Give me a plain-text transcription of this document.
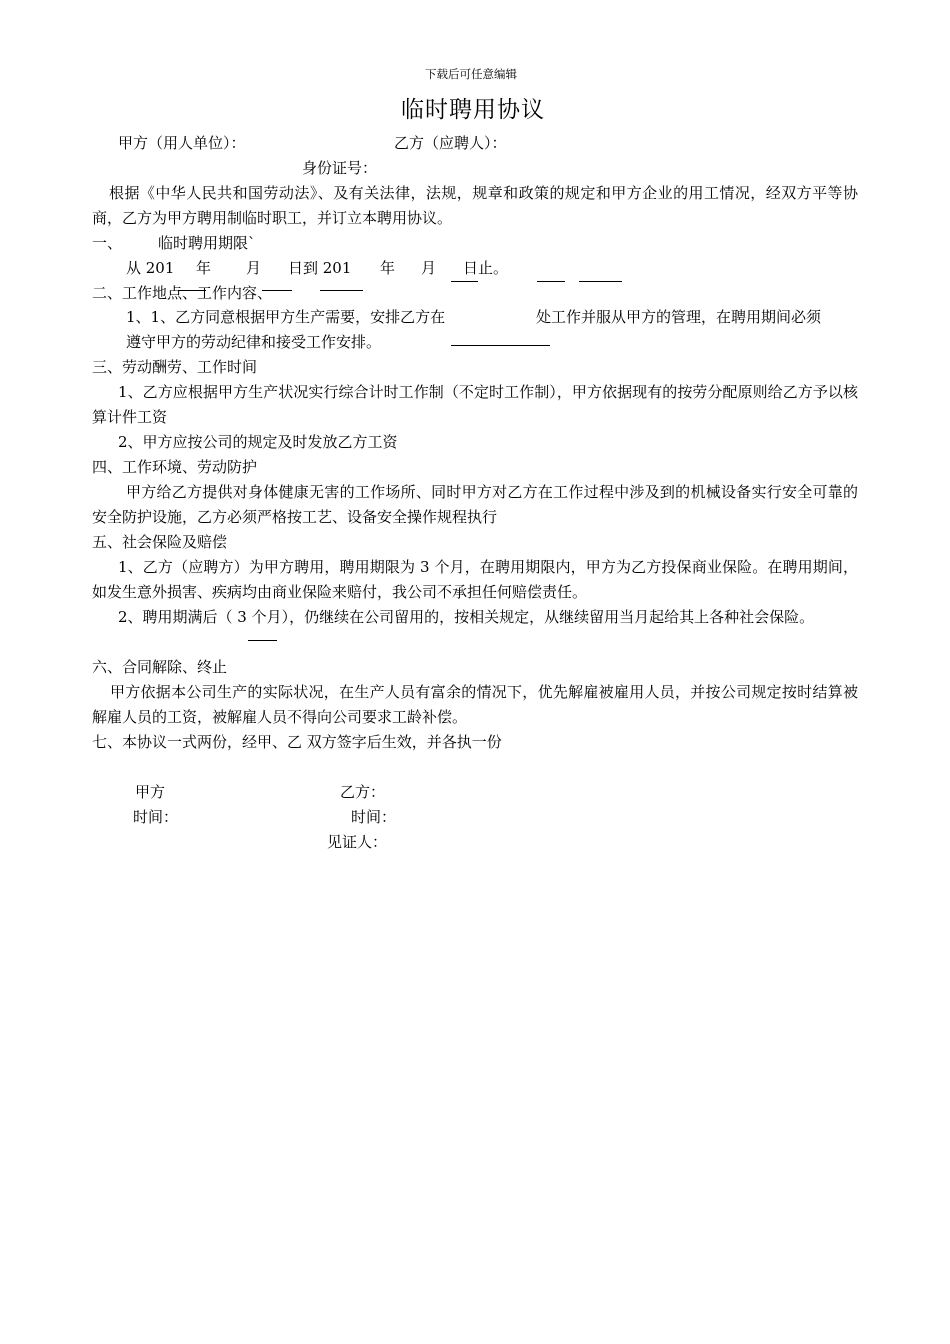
下载后可任意编辑
临时聘用协议
甲方（用人单位）：	乙方（应聘人）：
身份证号：
根据《中华人民共和国劳动法》、及有关法律，法规，规章和政策的规定和甲方企业的用工情况，经双方平等协商，乙方为甲方聘用制临时职工，并订立本聘用协议。
一、 临时聘用期限`
从 201 年 月 日到 201 年 月 日止。
二、工作地点、工作内容、
1、1、乙方同意根据甲方生产需要，安排乙方在	处工作并服从甲方的管理，在聘用期间必须
遵守甲方的劳动纪律和接受工作安排。
三、劳动酬劳、工作时间
1、乙方应根据甲方生产状况实行综合计时工作制（不定时工作制），甲方依据现有的按劳分配原则给乙方予以核算计件工资
2、甲方应按公司的规定及时发放乙方工资
四、工作环境、劳动防护
甲方给乙方提供对身体健康无害的工作场所、同时甲方对乙方在工作过程中涉及到的机械设备实行安全可靠的安全防护设施，乙方必须严格按工艺、设备安全操作规程执行
五、社会保险及赔偿
1、乙方（应聘方）为甲方聘用，聘用期限为 3 个月，在聘用期限内，甲方为乙方投保商业保险。在聘用期间，如发生意外损害、疾病均由商业保险来赔付，我公司不承担任何赔偿责任。
2、聘用期满后（ 3 个月），仍继续在公司留用的，按相关规定，从继续留用当月起给其上各种社会保险。
六、合同解除、终止
甲方依据本公司生产的实际状况，在生产人员有富余的情况下，优先解雇被雇用人员，并按公司规定按时结算被解雇人员的工资，被解雇人员不得向公司要求工龄补偿。
七、本协议一式两份，经甲、乙 双方签字后生效，并各执一份
甲方	乙方：
时间：	时间：
见证人：
